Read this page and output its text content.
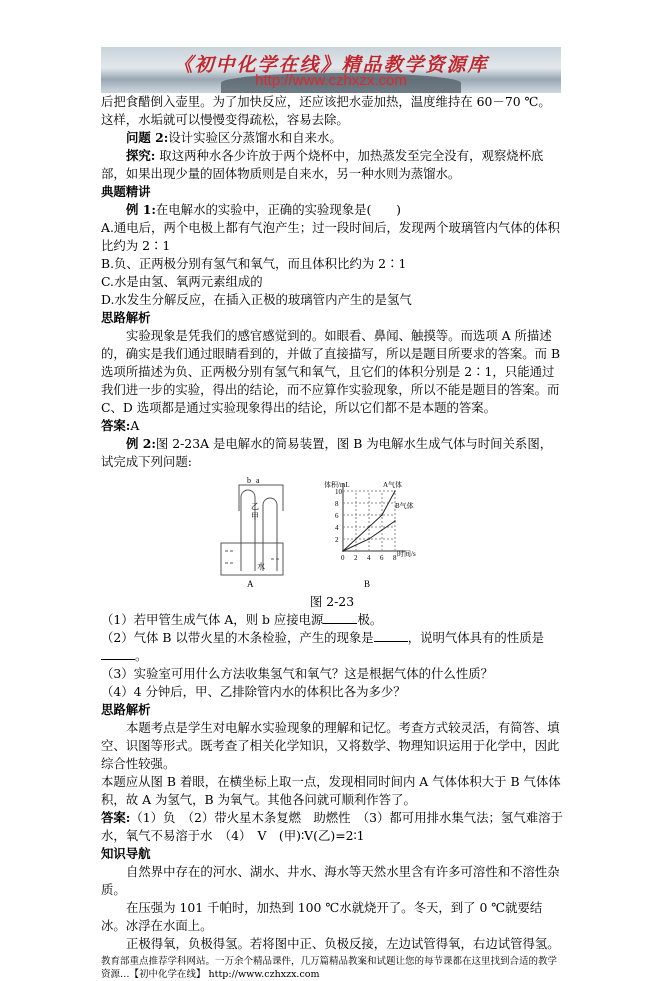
《初中化学在线》精品教学资源库
http://www.czhxzx.com

后把食醋倒入壶里。为了加快反应，还应该把水壶加热，温度维持在 60－70 ℃。这样，水垢就可以慢慢变得疏松，容易去除。

问题 2:设计实验区分蒸馏水和自来水。

探究: 取这两种水各少许放于两个烧杯中，加热蒸发至完全没有，观察烧杯底部，如果出现少量的固体物质则是自来水，另一种水则为蒸馏水。

典题精讲

例 1:在电解水的实验中，正确的实验现象是(　　)

A.通电后，两个电极上都有气泡产生；过一段时间后，发现两个玻璃管内气体的体积比约为 2∶1

B.负、正两极分别有氢气和氧气，而且体积比约为 2∶1

C.水是由氢、氧两元素组成的

D.水发生分解反应，在插入正极的玻璃管内产生的是氢气

思路解析

实验现象是凭我们的感官感觉到的。如眼看、鼻闻、触摸等。而选项 A 所描述的，确实是我们通过眼睛看到的，并做了直接描写，所以是题目所要求的答案。而 B 选项所描述为负、正两极分别有氢气和氧气，且它们的体积分别是 2∶1，只能通过我们进一步的实验，得出的结论，而不应算作实验现象，所以不能是题目的答案。而 C、D 选项都是通过实验现象得出的结论，所以它们都不是本题的答案。

答案:A

例 2:图 2-23A 是电解水的简易装置，图 B 为电解水生成气体与时间关系图，试完成下列问题:

b a
乙
甲
水
A
2
4
6
8
10
0 2 4 6 8
体积/mL
时间/s
A气体
B气体
B

图 2-23

（1）若甲管生成气体 A，则 b 应接电源	极。

（2）气体 B 以带火星的木条检验，产生的现象是	，说明气体具有的性质是。

（3）实验室可用什么方法收集氢气和氧气？这是根据气体的什么性质？

（4）4 分钟后，甲、乙排除管内水的体积比各为多少？

思路解析

本题考点是学生对电解水实验现象的理解和记忆。考查方式较灵活，有简答、填空、识图等形式。既考查了相关化学知识，又将数学、物理知识运用于化学中，因此综合性较强。

本题应从图 B 着眼，在横坐标上取一点，发现相同时间内 A 气体体积大于 B 气体体积，故 A 为氢气，B 为氧气。其他各问就可顺利作答了。

答案:（1）负　（2）带火星木条复燃　助燃性　（3）都可用排水集气法；氢气难溶于水，氧气不易溶于水　（4）　V　(甲)∶V(乙)=2∶1

知识导航

自然界中存在的河水、湖水、井水、海水等天然水里含有许多可溶性和不溶性杂质。

在压强为 101 千帕时，加热到 100 ℃水就烧开了。冬天，到了 0 ℃就要结冰。冰浮在水面上。

正极得氧，负极得氢。若将图中正、负极反接，左边试管得氧，右边试管得氢。

教育部重点推荐学科网站。一万余个精品课件，几万篇精品教案和试题让您的每节课都在这里找到合适的教学资源…【初中化学在线】 http://www.czhxzx.com
